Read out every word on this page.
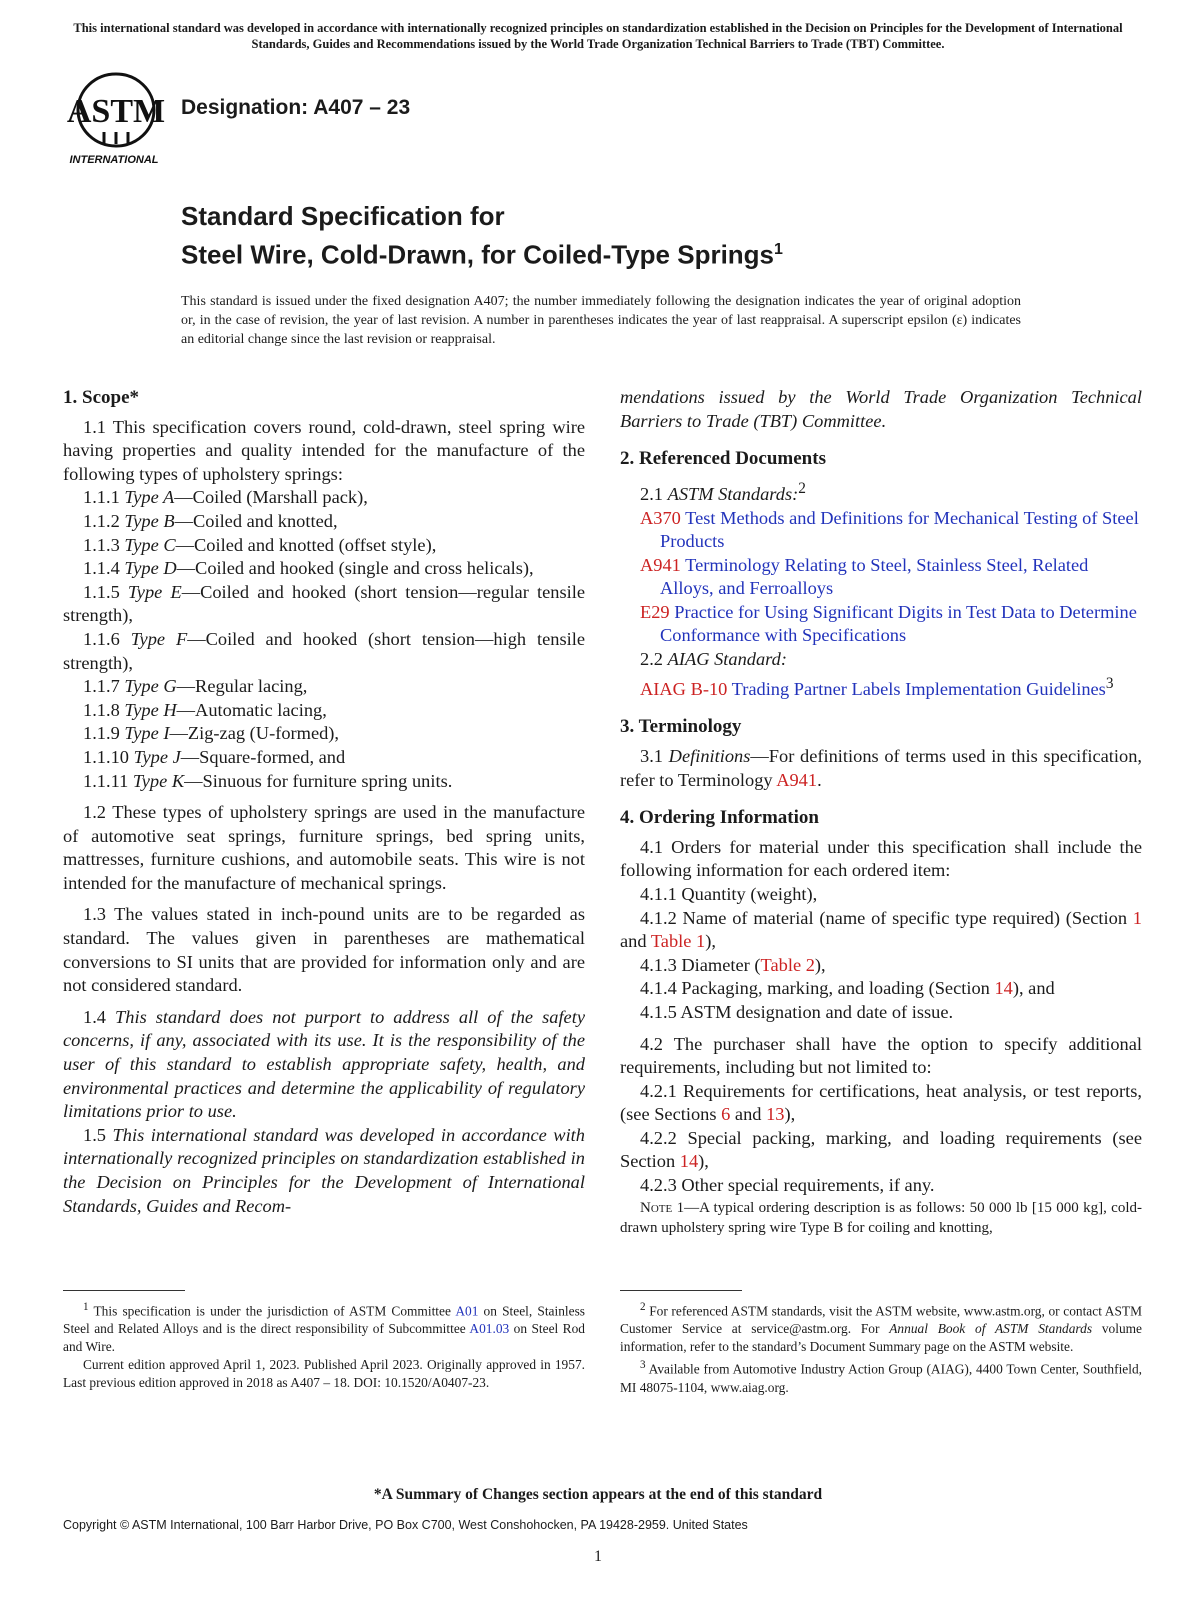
This international standard was developed in accordance with internationally recognized principles on standardization established in the Decision on Principles for the Development of International Standards, Guides and Recommendations issued by the World Trade Organization Technical Barriers to Trade (TBT) Committee.
ASTM
INTERNATIONAL
Designation: A407 – 23
Standard Specification for
Steel Wire, Cold-Drawn, for Coiled-Type Springs$^1$
This standard is issued under the fixed designation A407; the number immediately following the designation indicates the year of original adoption or, in the case of revision, the year of last revision. A number in parentheses indicates the year of last reappraisal. A superscript epsilon (ε) indicates an editorial change since the last revision or reappraisal.
1. Scope*

1.1 This specification covers round, cold-drawn, steel spring wire having properties and quality intended for the manufacture of the following types of upholstery springs:

1.1.1 Type A—Coiled (Marshall pack),

1.1.2 Type B—Coiled and knotted,

1.1.3 Type C—Coiled and knotted (offset style),

1.1.4 Type D—Coiled and hooked (single and cross helicals),

1.1.5 Type E—Coiled and hooked (short tension—regular tensile strength),

1.1.6 Type F—Coiled and hooked (short tension—high tensile strength),

1.1.7 Type G—Regular lacing,

1.1.8 Type H—Automatic lacing,

1.1.9 Type I—Zig-zag (U-formed),

1.1.10 Type J—Square-formed, and

1.1.11 Type K—Sinuous for furniture spring units.

1.2 These types of upholstery springs are used in the manufacture of automotive seat springs, furniture springs, bed spring units, mattresses, furniture cushions, and automobile seats. This wire is not intended for the manufacture of mechanical springs.

1.3 The values stated in inch-pound units are to be regarded as standard. The values given in parentheses are mathematical conversions to SI units that are provided for information only and are not considered standard.

1.4 This standard does not purport to address all of the safety concerns, if any, associated with its use. It is the responsibility of the user of this standard to establish appropriate safety, health, and environmental practices and determine the applicability of regulatory limitations prior to use.

1.5 This international standard was developed in accordance with internationally recognized principles on standardization established in the Decision on Principles for the Development of International Standards, Guides and Recom-

mendations issued by the World Trade Organization Technical Barriers to Trade (TBT) Committee.

2. Referenced Documents

2.1 ASTM Standards:$^2$

A370 Test Methods and Definitions for Mechanical Testing of Steel Products

A941 Terminology Relating to Steel, Stainless Steel, Related Alloys, and Ferroalloys

E29 Practice for Using Significant Digits in Test Data to Determine Conformance with Specifications

2.2 AIAG Standard:

AIAG B-10 Trading Partner Labels Implementation Guidelines$^3$

3. Terminology

3.1 Definitions—For definitions of terms used in this specification, refer to Terminology A941.

4. Ordering Information

4.1 Orders for material under this specification shall include the following information for each ordered item:

4.1.1 Quantity (weight),

4.1.2 Name of material (name of specific type required) (Section 1 and Table 1),

4.1.3 Diameter (Table 2),

4.1.4 Packaging, marking, and loading (Section 14), and

4.1.5 ASTM designation and date of issue.

4.2 The purchaser shall have the option to specify additional requirements, including but not limited to:

4.2.1 Requirements for certifications, heat analysis, or test reports, (see Sections 6 and 13),

4.2.2 Special packing, marking, and loading requirements (see Section 14),

4.2.3 Other special requirements, if any.

Note 1—A typical ordering description is as follows: 50 000 lb [15 000 kg], cold-drawn upholstery spring wire Type B for coiling and knotting,

$^1$ This specification is under the jurisdiction of ASTM Committee A01 on Steel, Stainless Steel and Related Alloys and is the direct responsibility of Subcommittee A01.03 on Steel Rod and Wire.

Current edition approved April 1, 2023. Published April 2023. Originally approved in 1957. Last previous edition approved in 2018 as A407 – 18. DOI: 10.1520/A0407-23.

$^2$ For referenced ASTM standards, visit the ASTM website, www.astm.org, or contact ASTM Customer Service at service@astm.org. For Annual Book of ASTM Standards volume information, refer to the standard’s Document Summary page on the ASTM website.

$^3$ Available from Automotive Industry Action Group (AIAG), 4400 Town Center, Southfield, MI 48075-1104, www.aiag.org.

*A Summary of Changes section appears at the end of this standard
Copyright © ASTM International, 100 Barr Harbor Drive, PO Box C700, West Conshohocken, PA 19428-2959. United States
1
